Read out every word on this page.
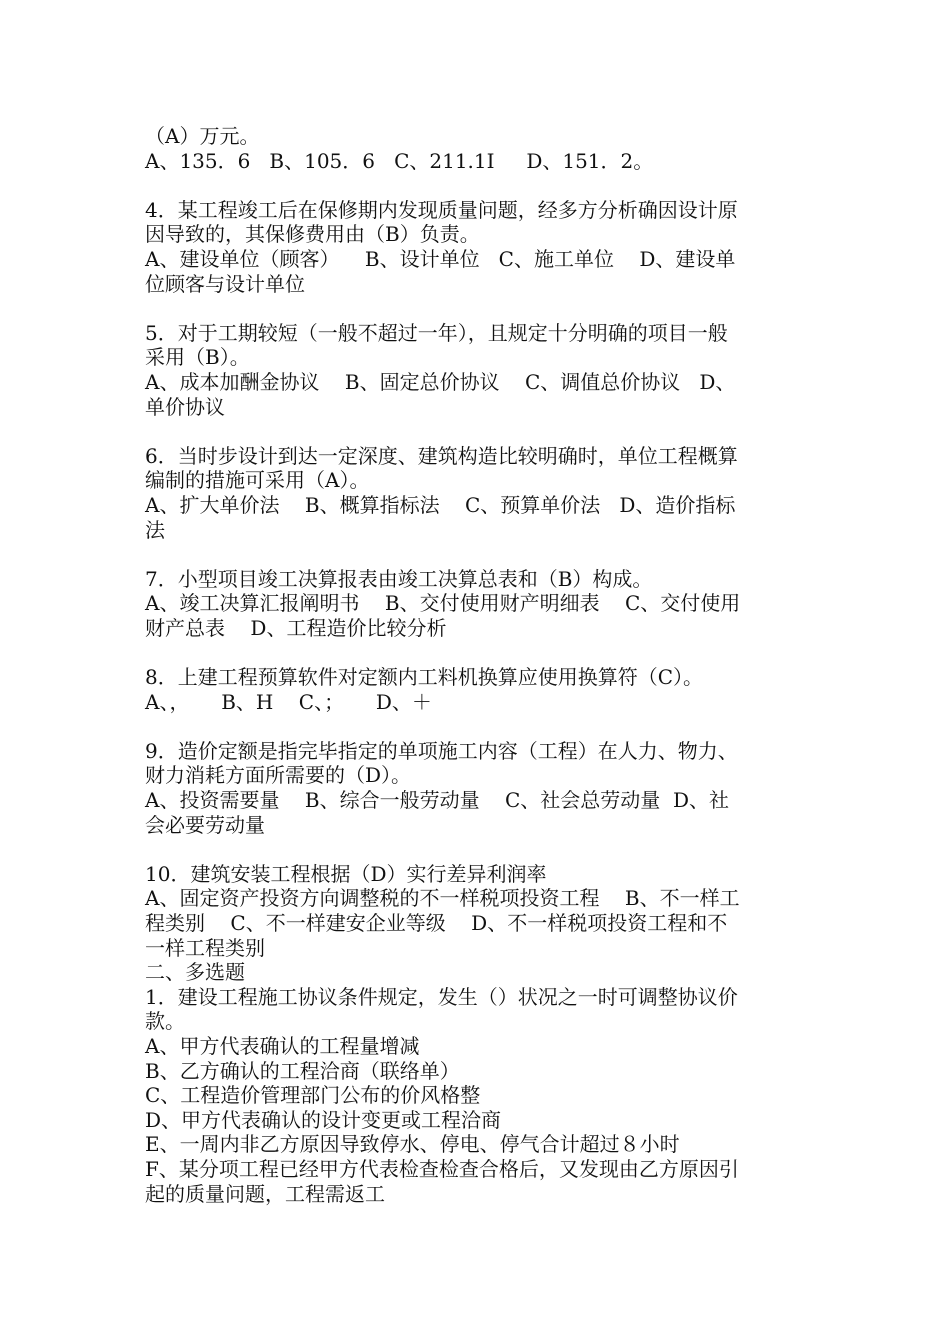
（A）万元。
A、135．6   B、105．6   C、211.1I     D、151．2。
4．某工程竣工后在保修期内发现质量问题，经多方分析确因设计原
因导致的，其保修费用由（B）负责。
A、建设单位（顾客）    B、设计单位   C、施工单位    D、建设单
位顾客与设计单位
5．对于工期较短（一般不超过一年），且规定十分明确的项目一般
采用（B）。
A、成本加酬金协议    B、固定总价协议    C、调值总价协议   D、
单价协议
6．当时步设计到达一定深度、建筑构造比较明确时，单位工程概算
编制的措施可采用（A）。
A、扩大单价法    B、概算指标法    C、预算单价法   D、造价指标
法
7．小型项目竣工决算报表由竣工决算总表和（B）构成。
A、竣工决算汇报阐明书    B、交付使用财产明细表    C、交付使用
财产总表    D、工程造价比较分析
8．上建工程预算软件对定额内工料机换算应使用换算符（C）。
A、，     B、H    C、；     D、＋
9．造价定额是指完毕指定的单项施工内容（工程）在人力、物力、
财力消耗方面所需要的（D）。
A、投资需要量    B、综合一般劳动量    C、社会总劳动量  D、社
会必要劳动量
10．建筑安装工程根据（D）实行差异利润率
A、固定资产投资方向调整税的不一样税项投资工程    B、不一样工
程类别    C、不一样建安企业等级    D、不一样税项投资工程和不
一样工程类别
二、多选题
1．建设工程施工协议条件规定，发生（）状况之一时可调整协议价
款。
A、甲方代表确认的工程量增减
B、乙方确认的工程洽商（联络单）
C、工程造价管理部门公布的价风格整
D、甲方代表确认的设计变更或工程洽商
E、一周内非乙方原因导致停水、停电、停气合计超过８小时
F、某分项工程已经甲方代表检查检查合格后，又发现由乙方原因引
起的质量问题，工程需返工
